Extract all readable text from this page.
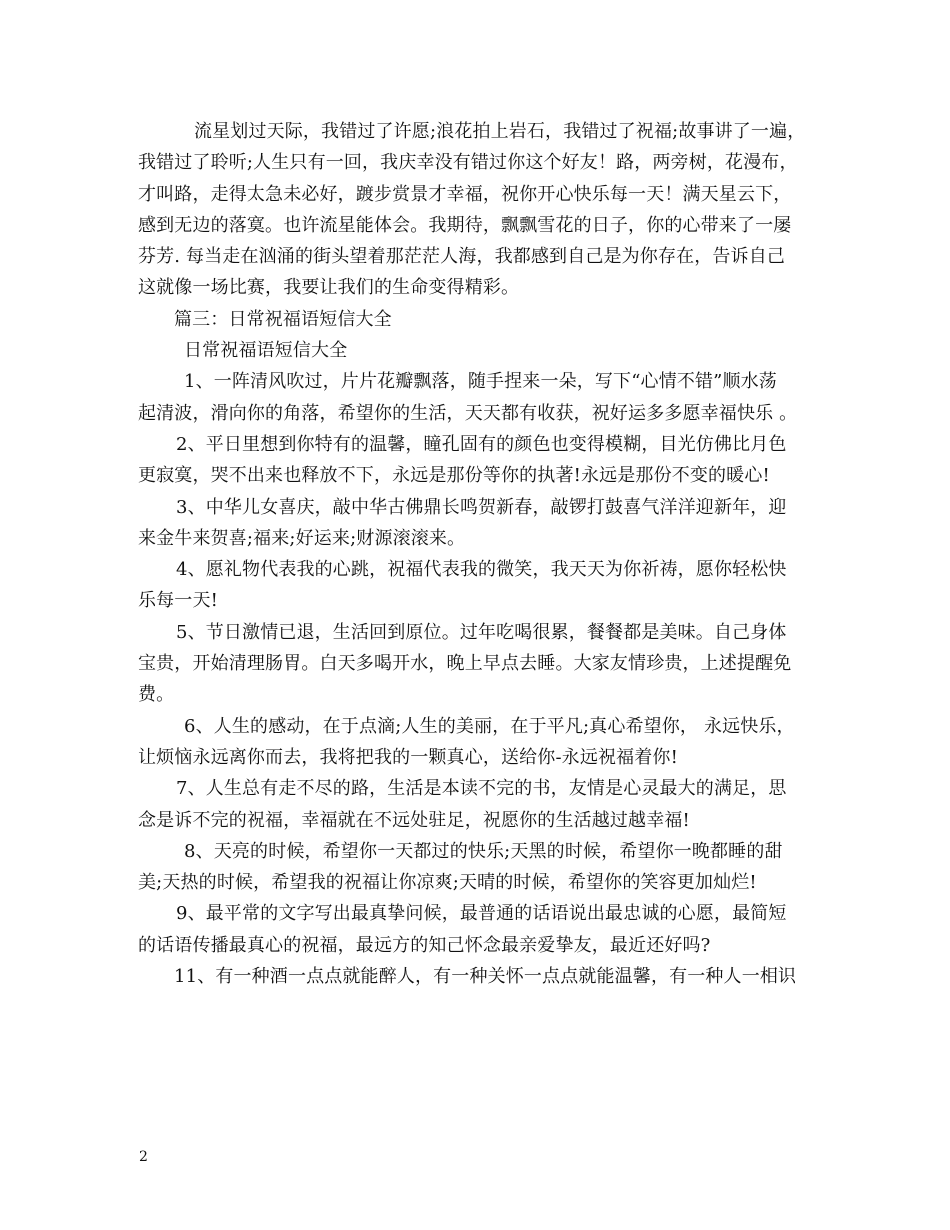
流星划过天际，我错过了许愿;浪花拍上岩石，我错过了祝福;故事讲了一遍，
我错过了聆听;人生只有一回，我庆幸没有错过你这个好友！路，两旁树，花漫布，
才叫路，走得太急未必好，踱步赏景才幸福，祝你开心快乐每一天！满天星云下，
感到无边的落寞。也许流星能体会。我期待，飘飘雪花的日子，你的心带来了一屡
芬芳. 每当走在汹涌的街头望着那茫茫人海，我都感到自己是为你存在，告诉自己
这就像一场比赛，我要让我们的生命变得精彩。
篇三：日常祝福语短信大全
日常祝福语短信大全
1、一阵清风吹过，片片花瓣飘落，随手捏来一朵，写下“心情不错”顺水荡
起清波，滑向你的角落，希望你的生活，天天都有收获，祝好运多多愿幸福快乐 。
2、平日里想到你特有的温馨，瞳孔固有的颜色也变得模糊，目光仿佛比月色
更寂寞，哭不出来也释放不下，永远是那份等你的执著!永远是那份不变的暖心!
3、中华儿女喜庆，敲中华古佛鼎长鸣贺新春，敲锣打鼓喜气洋洋迎新年，迎
来金牛来贺喜;福来;好运来;财源滚滚来。
4、愿礼物代表我的心跳，祝福代表我的微笑，我天天为你祈祷，愿你轻松快
乐每一天!
5、节日激情已退，生活回到原位。过年吃喝很累，餐餐都是美味。自己身体
宝贵，开始清理肠胃。白天多喝开水，晚上早点去睡。大家友情珍贵，上述提醒免
费。
6、人生的感动，在于点滴;人生的美丽，在于平凡;真心希望你， 永远快乐，
让烦恼永远离你而去，我将把我的一颗真心，送给你-永远祝福着你!
7、人生总有走不尽的路，生活是本读不完的书，友情是心灵最大的满足，思
念是诉不完的祝福，幸福就在不远处驻足，祝愿你的生活越过越幸福!
8、天亮的时候，希望你一天都过的快乐;天黑的时候，希望你一晚都睡的甜
美;天热的时候，希望我的祝福让你凉爽;天晴的时候，希望你的笑容更加灿烂!
9、最平常的文字写出最真挚问候，最普通的话语说出最忠诚的心愿，最简短
的话语传播最真心的祝福，最远方的知己怀念最亲爱挚友，最近还好吗?
11、有一种酒一点点就能醉人，有一种关怀一点点就能温馨，有一种人一相识
2
